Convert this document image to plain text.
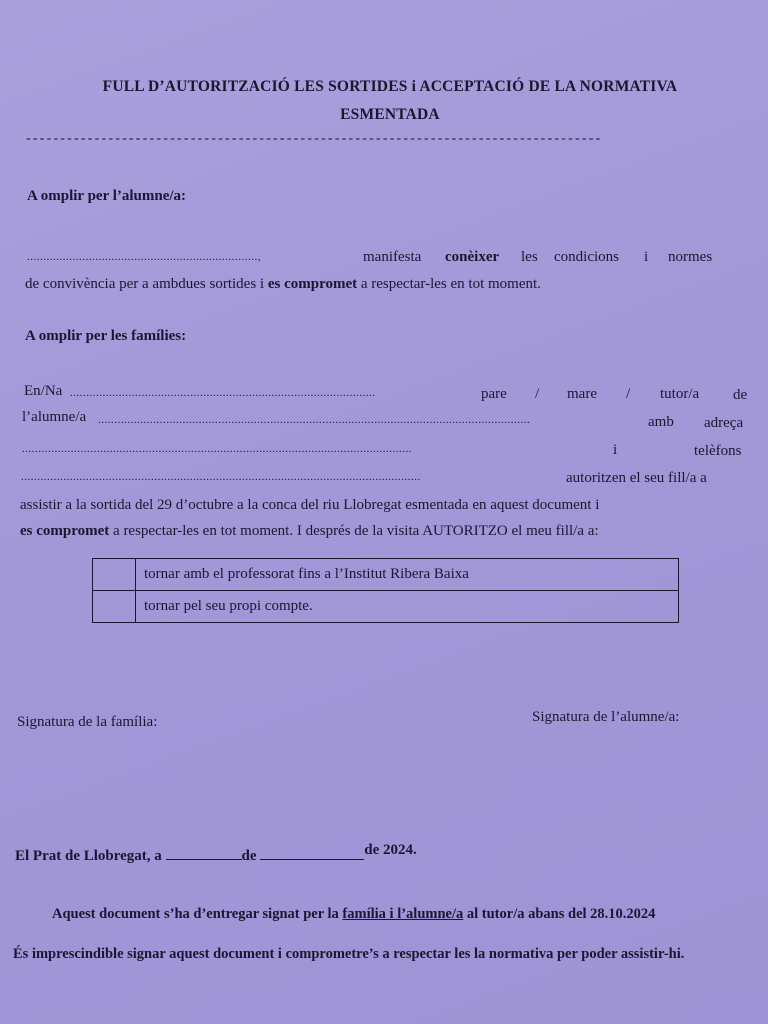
FULL D’AUTORITZACIÓ LES SORTIDES i ACCEPTACIÓ DE LA NORMATIVA
ESMENTADA
------------------------------------------------------------------------------------
A omplir per l’alumne/a:
.......................................................................,	manifesta conèixer les condicions i normes
de convivència per a ambdues sortides i es compromet a respectar-les en tot moment.
A omplir per les famílies:
En/Na ..............................................................................................	pare / mare / tutor/a de
l’alumne/a .....................................................................................................................................	amb adreça
........................................................................................................................	i	telèfons
...........................................................................................................................	autoritzen el seu fill/a a
assistir a la sortida del 29 d’octubre a la conca del riu Llobregat esmentada en aquest document i
es compromet a respectar-les en tot moment. I després de la visita AUTORITZO el meu fill/a a:
	tornar amb el professorat fins a l’Institut Ribera Baixa
	tornar pel seu propi compte.
Signatura de la família:	Signatura de l’alumne/a:
El Prat de Llobregat, a	de	de 2024.
Aquest document s’ha d’entregar signat per la família i l’alumne/a al tutor/a abans del 28.10.2024
És imprescindible signar aquest document i comprometre’s a respectar les la normativa per poder assistir-hi.
